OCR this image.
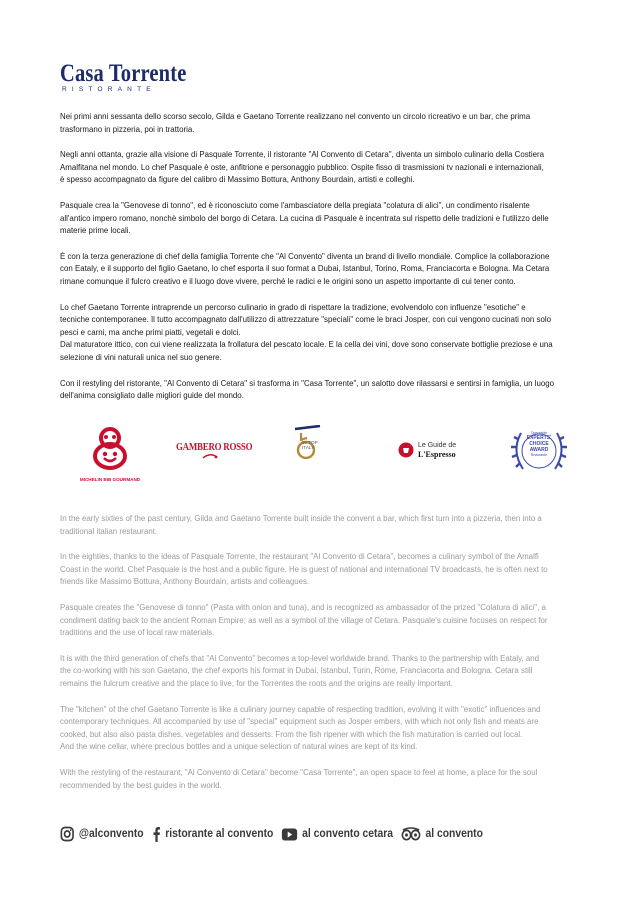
Casa Torrente
RISTORANTE

Nei primi anni sessanta dello scorso secolo, Gilda e Gaetano Torrente realizzano nel convento un circolo ricreativo e un bar, che prima
trasformano in pizzeria, poi in trattoria.

Negli anni ottanta, grazie alla visione di Pasquale Torrente, il ristorante "Al Convento di Cetara", diventa un simbolo culinario della Costiera
Amalfitana nel mondo. Lo chef Pasquale è oste, anfitrione e personaggio pubblico. Ospite fisso di trasmissioni tv nazionali e internazionali,
è spesso accompagnato da figure del calibro di Massimo Bottura, Anthony Bourdain, artisti e colleghi.

Pasquale crea la "Genovese di tonno", ed è riconosciuto come l'ambasciatore della pregiata "colatura di alici", un condimento risalente
all'antico impero romano, nonchè simbolo del borgo di Cetara. La cucina di Pasquale è incentrata sul rispetto delle tradizioni e l'utilizzo delle
materie prime locali.

È con la terza generazione di chef della famiglia Torrente che "Al Convento" diventa un brand di livello mondiale. Complice la collaborazione
con Eataly, e il supporto del figlio Gaetano, lo chef esporta il suo format a Dubai, Istanbul, Torino, Roma, Franciacorta e Bologna. Ma Cetara
rimane comunque il fulcro creativo e il luogo dove vivere, perché le radici e le origini sono un aspetto importante di cui tener conto.

Lo chef Gaetano Torrente intraprende un percorso culinario in grado di rispettare la tradizione, evolvendolo con influenze "esotiche" e
tecniche contemporanee. Il tutto accompagnato dall'utilizzo di attrezzature "speciali" come le braci Josper, con cui vengono cucinati non solo
pesci e carni, ma anche primi piatti, vegetali e dolci.
Dal maturatore ittico, con cui viene realizzata la frollatura del pescato locale. E la cella dei vini, dove sono conservate bottiglie preziose e una
selezione di vini naturali unica nel suo genere.

Con il restyling del ristorante, "Al Convento di Cetara" si trasforma in "Casa Torrente", un salotto dove rilassarsi e sentirsi in famiglia, un luogo
dell'anima consigliato dalle migliori guide del mondo.

MICHELIN BIB GOURMAND
GAMBERO ROSSO	50 TOP
ITALY	Le Guide de
L'Espresso
Opentable
EXPERTS'
CHOICE
AWARD
Ristorante

In the early sixties of the past century, Gilda and Gaetano Torrente built inside the convent a bar, which first turn into a pizzeria, then into a
traditional italian restaurant.

In the eighties, thanks to the ideas of Pasquale Torrente, the restaurant "Al Convento di Cetara", becomes a culinary symbol of the Amalfi
Coast in the world. Chef Pasquale is the host and a public figure. He is guest of national and international TV broadcasts, he is often next to
friends like Massimo Bottura, Anthony Bourdain, artists and colleagues.

Pasquale creates the "Genovese di tonno" (Pasta with onion and tuna), and is recognized as ambassador of the prized "Colatura di alici", a
condiment dating back to the ancient Roman Empire; as well as a symbol of the village of Cetara. Pasquale's cuisine focuses on respect for
traditions and the use of local raw materials.

It is with the third generation of chefs that "Al Convento" becomes a top-level worldwide brand. Thanks to the partnership with Eataly, and
the co-working with his son Gaetano, the chef exports his format in Dubai, Istanbul, Turin, Rome, Franciacorta and Bologna. Cetara still
remains the fulcrum creative and the place to live, for the Torrentes the roots and the origins are really important.

The "kitchen" of the chef Gaetano Torrente is like a culinary journey capable of respecting tradition, evolving it with "exotic" influences and
contemporary techniques. All accompanied by use of "special" equipment such as Josper embers, with which not only fish and meats are
cooked, but also also pasta dishes, vegetables and desserts. From the fish ripener with which the fish maturation is carried out local.
And the wine cellar, where precious bottles and a unique selection of natural wines are kept of its kind.

With the restyling of the restaurant, "Al Convento di Cetara" become "Casa Torrente", an open space to feel at home, a place for the soul
recommended by the best guides in the world.

@alconvento ristorante al convento	al convento cetara	al convento
